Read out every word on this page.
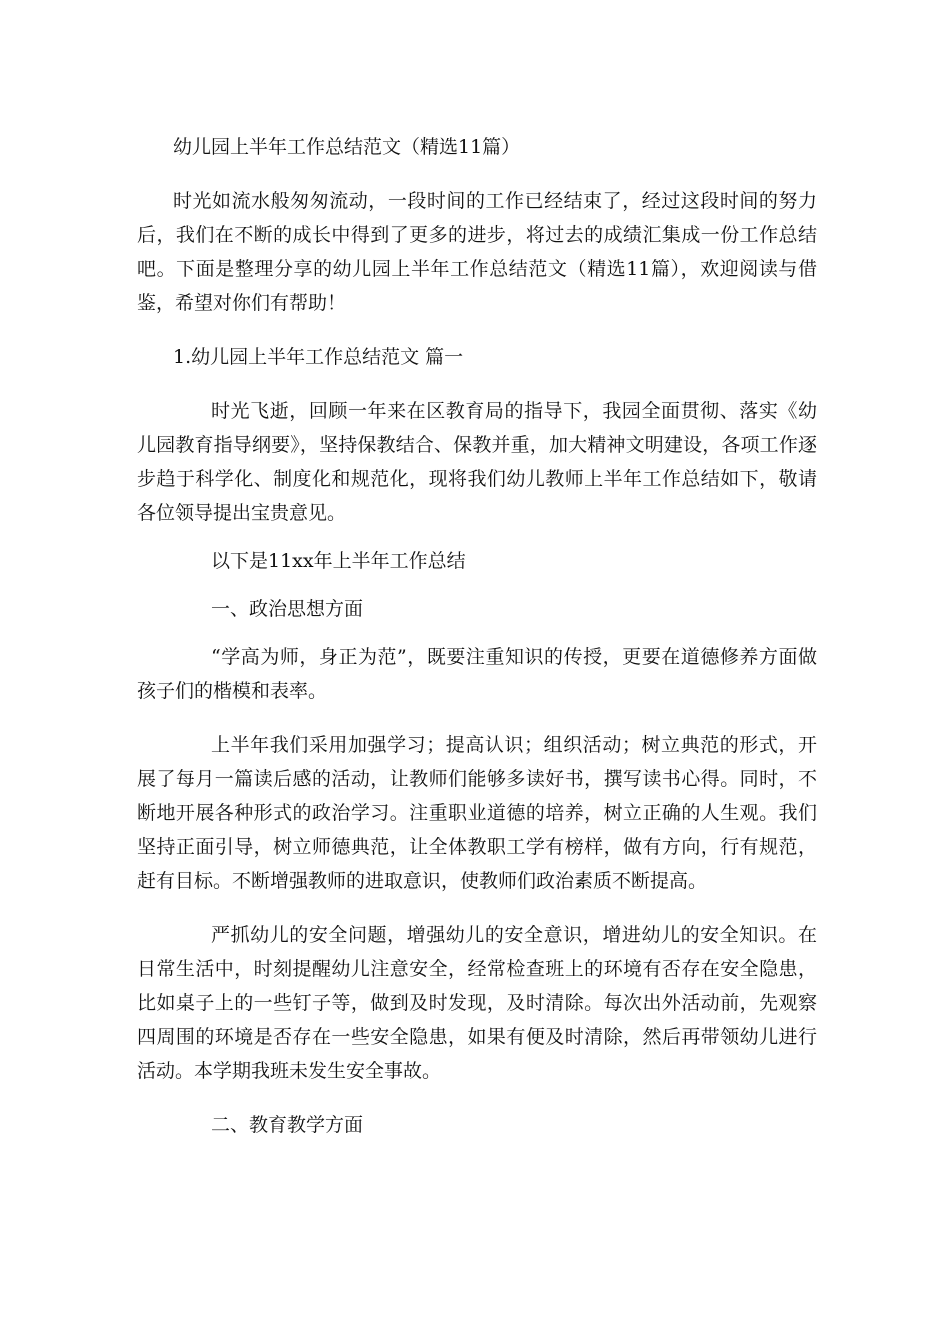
幼儿园上半年工作总结范文（精选11篇）

时光如流水般匆匆流动，一段时间的工作已经结束了，经过这段时间的努力后，我们在不断的成长中得到了更多的进步，将过去的成绩汇集成一份工作总结吧。下面是整理分享的幼儿园上半年工作总结范文（精选11篇），欢迎阅读与借鉴，希望对你们有帮助！

1.幼儿园上半年工作总结范文 篇一

时光飞逝，回顾一年来在区教育局的指导下，我园全面贯彻、落实《幼儿园教育指导纲要》，坚持保教结合、保教并重，加大精神文明建设，各项工作逐步趋于科学化、制度化和规范化，现将我们幼儿教师上半年工作总结如下，敬请各位领导提出宝贵意见。

以下是11xx年上半年工作总结

一、政治思想方面

“学高为师，身正为范”，既要注重知识的传授，更要在道德修养方面做孩子们的楷模和表率。

上半年我们采用加强学习；提高认识；组织活动；树立典范的形式，开展了每月一篇读后感的活动，让教师们能够多读好书，撰写读书心得。同时，不断地开展各种形式的政治学习。注重职业道德的培养，树立正确的人生观。我们坚持正面引导，树立师德典范，让全体教职工学有榜样，做有方向，行有规范，赶有目标。不断增强教师的进取意识，使教师们政治素质不断提高。

严抓幼儿的安全问题，增强幼儿的安全意识，增进幼儿的安全知识。在日常生活中，时刻提醒幼儿注意安全，经常检查班上的环境有否存在安全隐患，比如桌子上的一些钉子等，做到及时发现，及时清除。每次出外活动前，先观察四周围的环境是否存在一些安全隐患，如果有便及时清除，然后再带领幼儿进行活动。本学期我班未发生安全事故。

二、教育教学方面
